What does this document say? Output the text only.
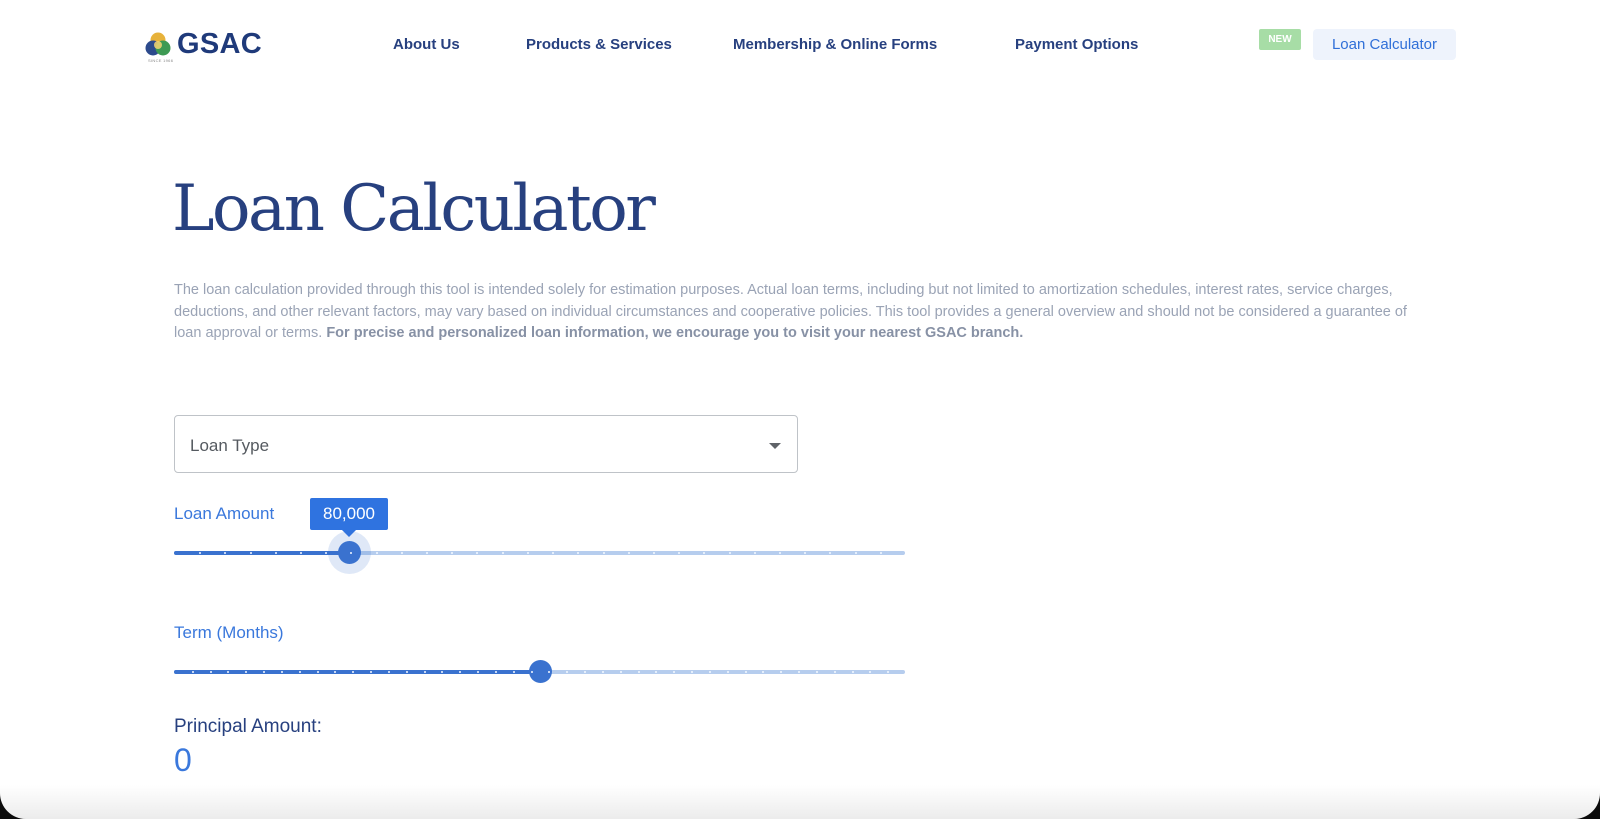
GSAC
SINCE 1966
About Us	Products & Services	Membership & Online Forms	Payment Options	NEW	Loan Calculator
Loan Calculator

The loan calculation provided through this tool is intended solely for estimation purposes. Actual loan terms, including but not limited to amortization schedules, interest rates, service charges, deductions, and other relevant factors, may vary based on individual circumstances and cooperative policies. This tool provides a general overview and should not be considered a guarantee of loan approval or terms. For precise and personalized loan information, we encourage you to visit your nearest GSAC branch.

Loan Type
Loan Amount	80,000
Term (Months)
Principal Amount:
0
